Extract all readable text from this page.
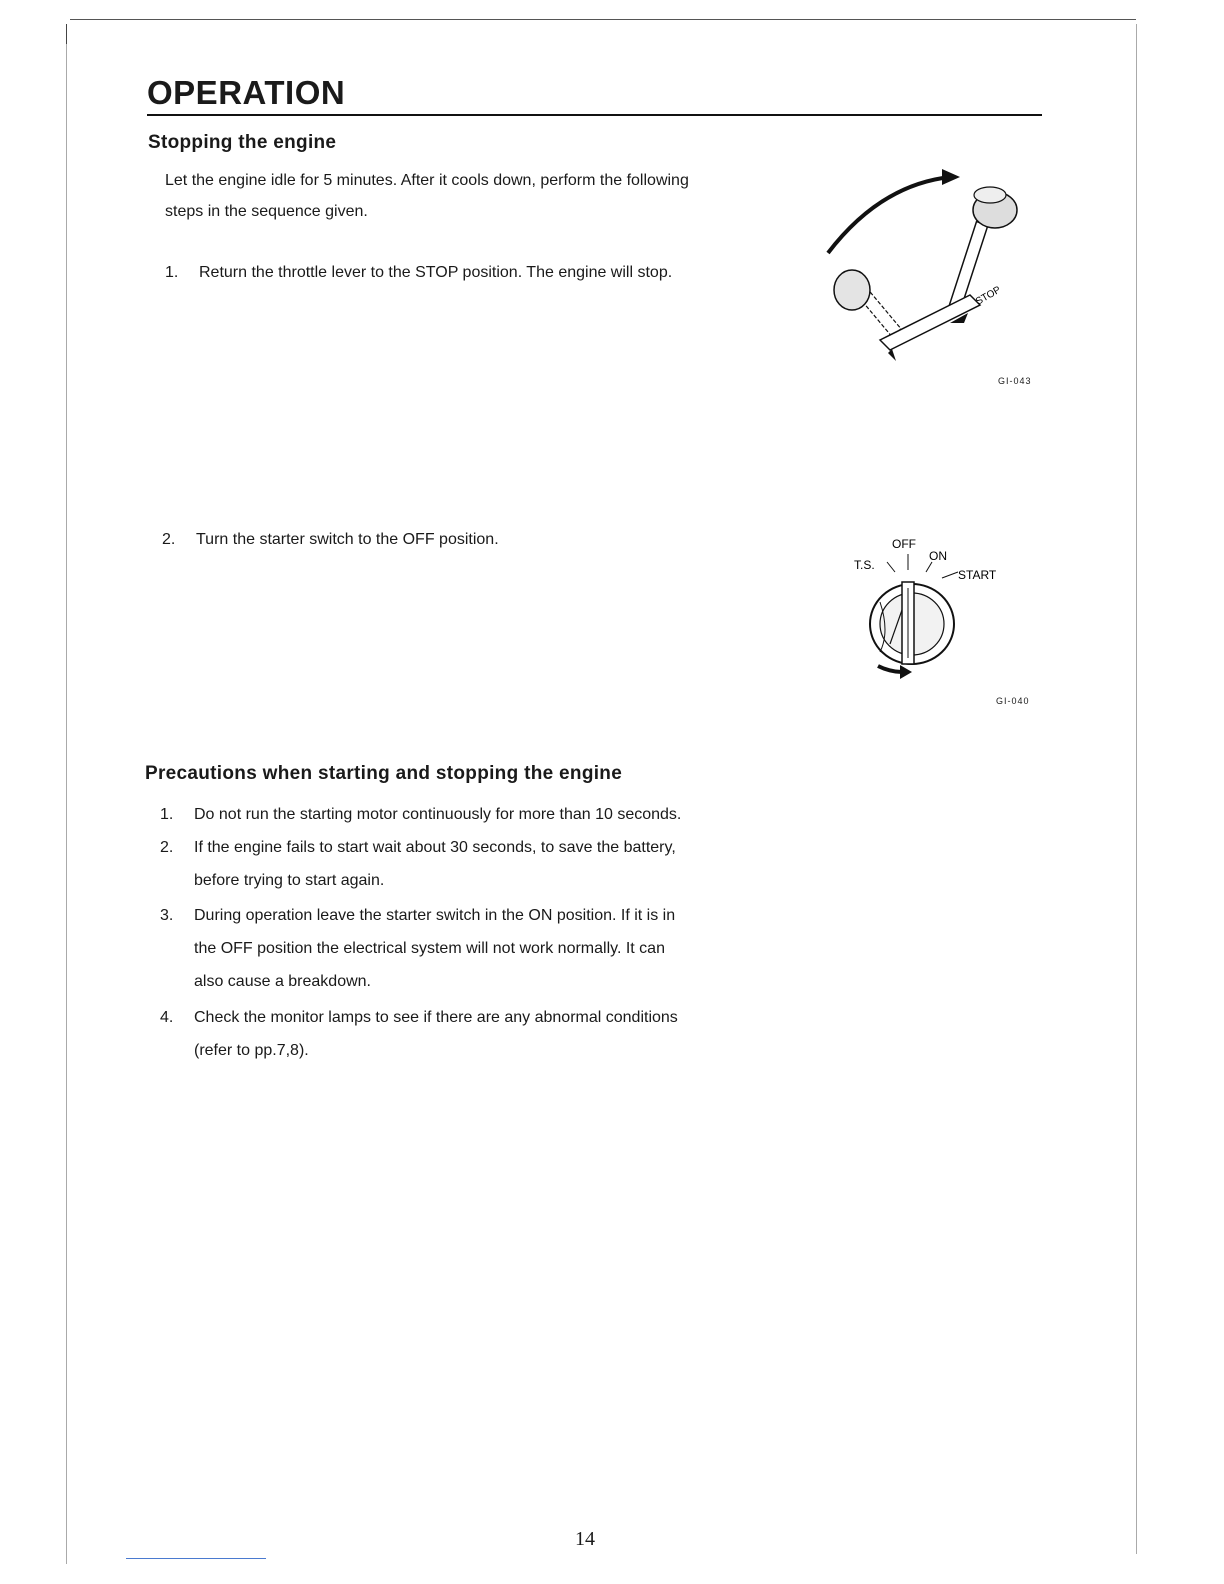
OPERATION
Stopping the engine
Let the engine idle for 5 minutes. After it cools down, perform the following
steps in the sequence given.
1. Return the throttle lever to the STOP position. The engine will stop.
2. Turn the starter switch to the OFF position.
STOP
GI-043
OFF
ON
T.S.
START
GI-040
Precautions when starting and stopping the engine
1. Do not run the starting motor continuously for more than 10 seconds.
2. If the engine fails to start wait about 30 seconds, to save the battery,
before trying to start again.
3. During operation leave the starter switch in the ON position. If it is in
the OFF position the electrical system will not work normally. It can
also cause a breakdown.
4. Check the monitor lamps to see if there are any abnormal conditions
(refer to pp.7,8).
14
